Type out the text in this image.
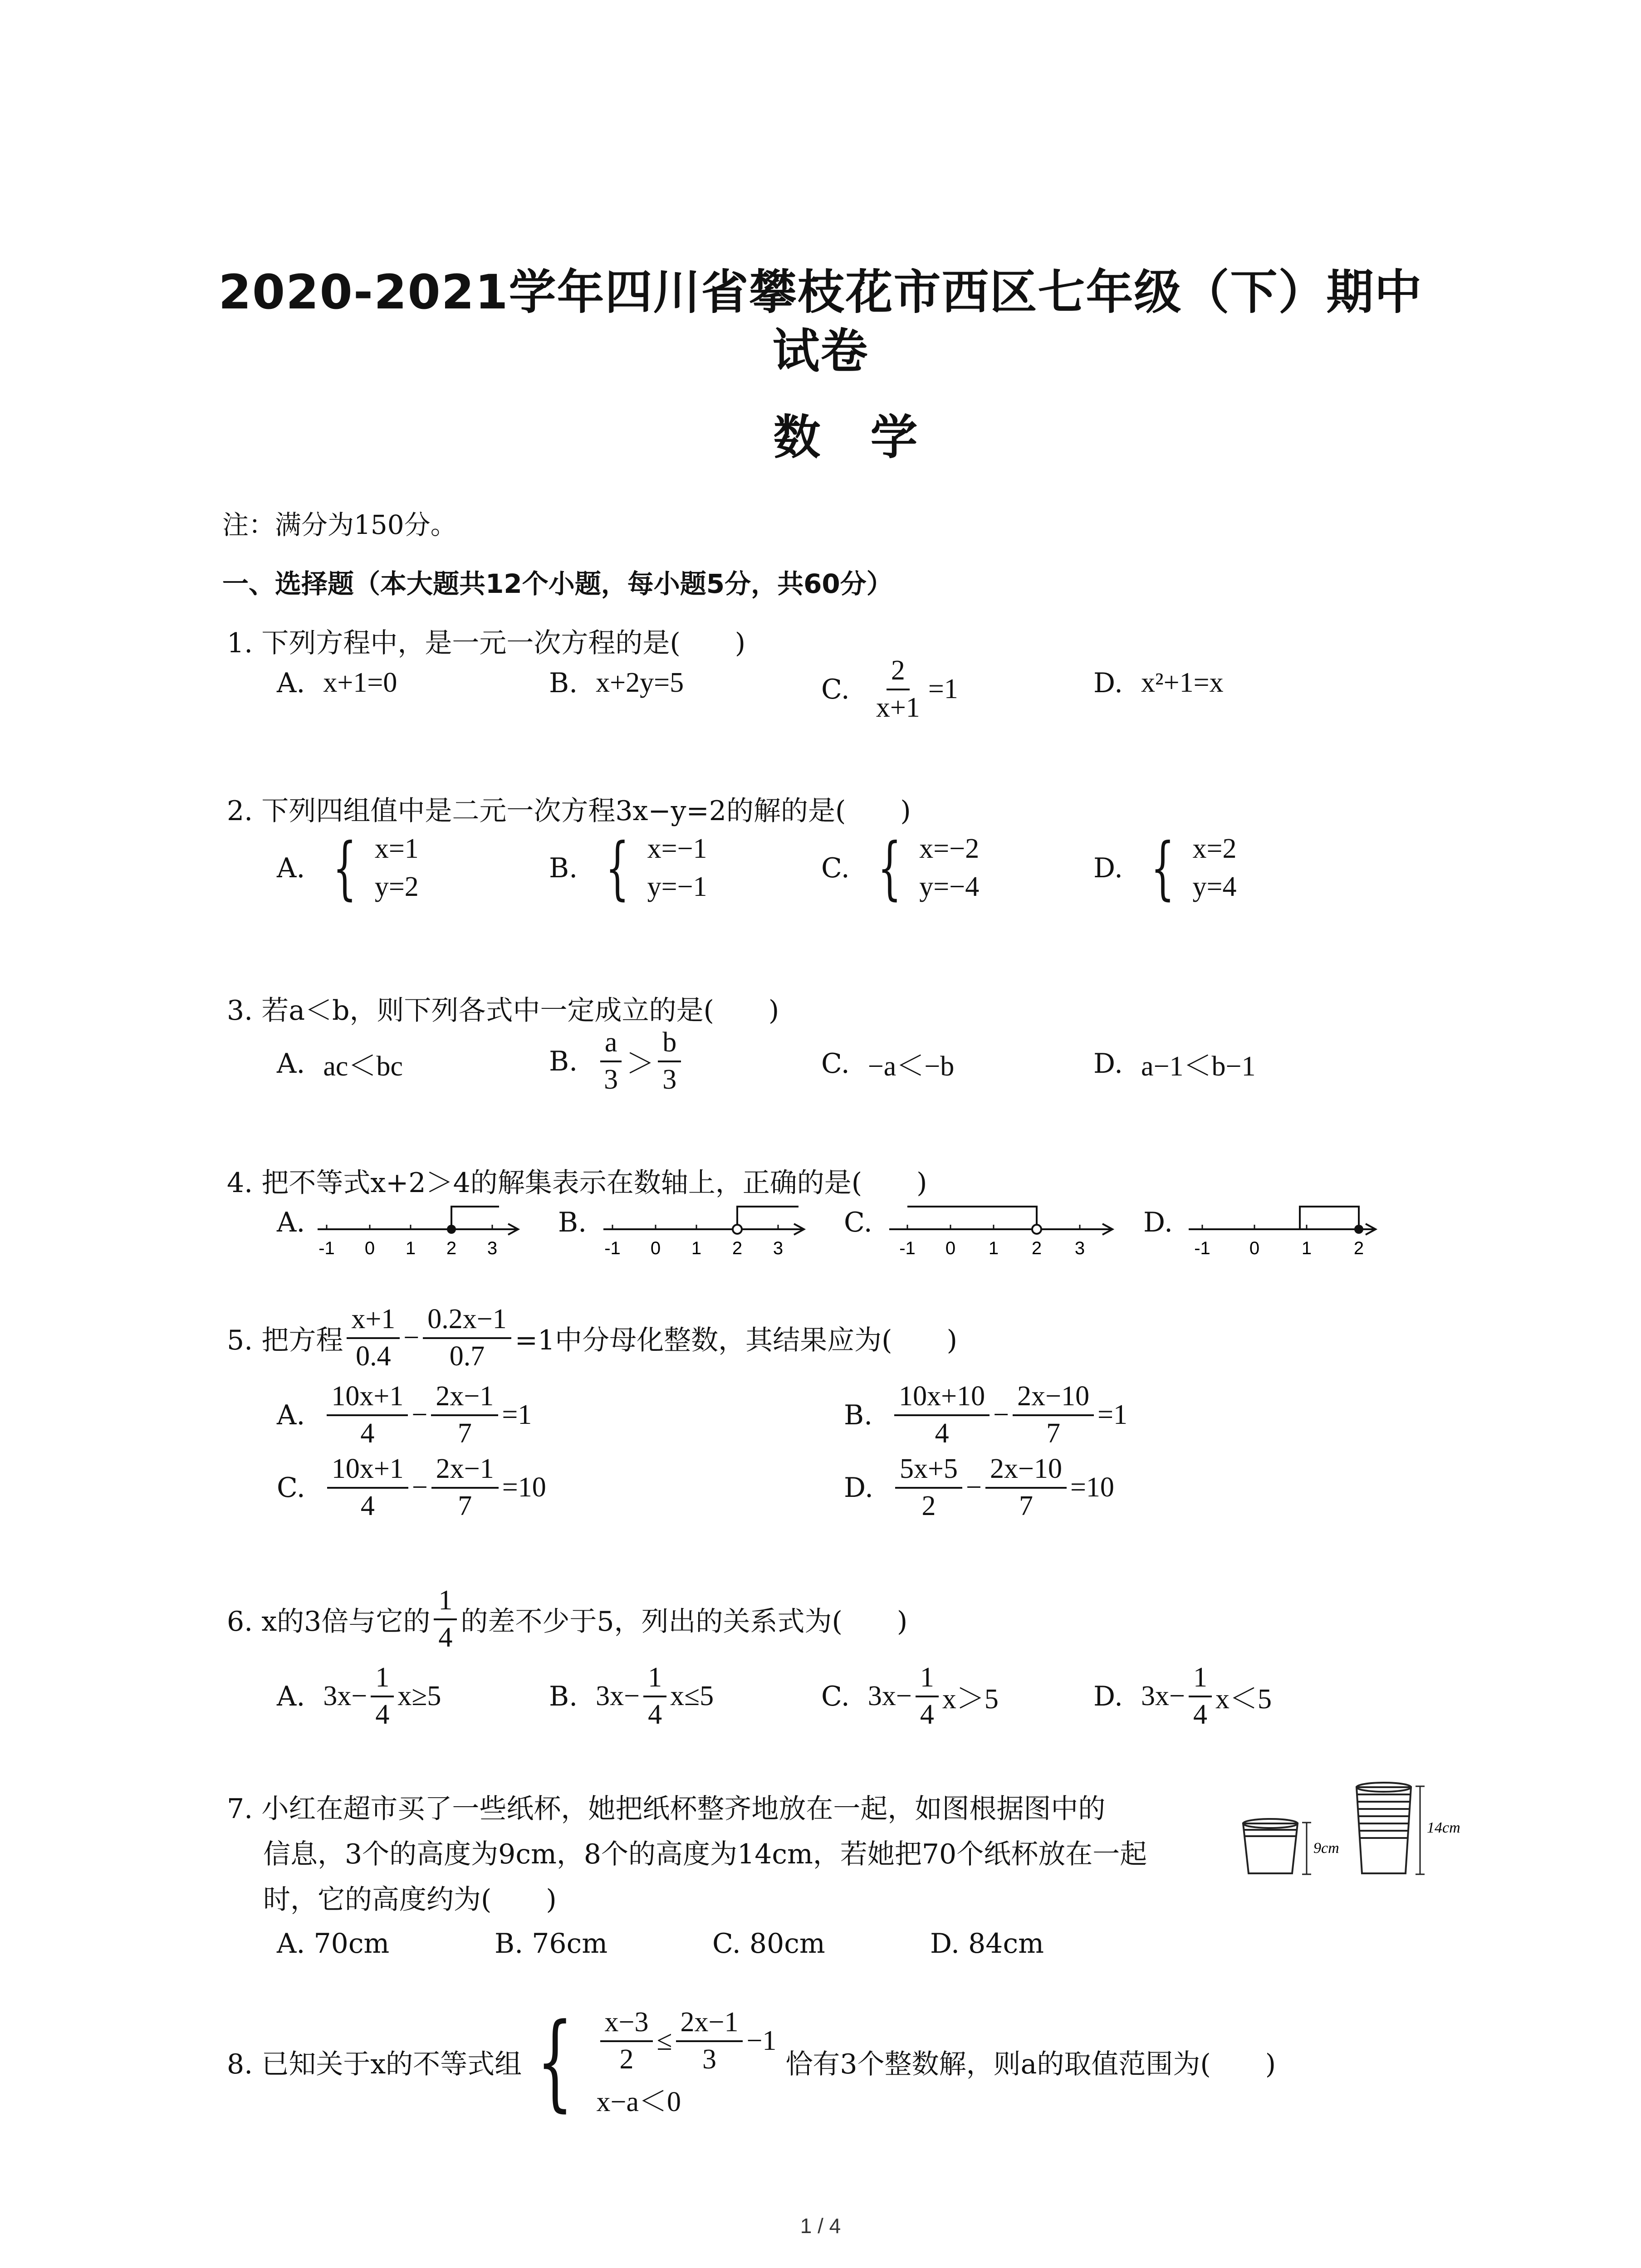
2020-2021学年四川省攀枝花市西区七年级（下）期中
试卷
数学
注：满分为150分。
一、选择题（本大题共12个小题，每小题5分，共60分）
1. 下列方程中，是一元一次方程的是(　　)
A. x+1=0	B. x+2y=5	C. $\frac{2}{x+1} =1$	D. x²+1=x
2. 下列四组值中是二元一次方程3x−y=2的解的是(　　)
A. { x=1
y=2
B. { x=−1
y=−1
C. { x=−2
y=−4
D. { x=2
y=4
3. 若a＜b，则下列各式中一定成立的是(　　)
A. ac＜bc	B. $\frac{a}{3} > \frac{b}{3}$	C. −a＜−b	D. a−1＜b−1
4. 把不等式x+2＞4的解集表示在数轴上，正确的是(　　)
A.
-1 0 1 2 3
B.
-1 0 1 2 3
C.
-1 0 1 2 3
D.
-1 0 1 2
5. 把方程 $\frac{x+1}{0.4} - \frac{0.2x-1}{0.7} =1$中分母化整数，其结果应为(　　)
A. $\frac{10x+1}{4} - \frac{2x-1}{7} =1$	B. $\frac{10x+10}{4} - \frac{2x-10}{7} =1$
C. $\frac{10x+1}{4} - \frac{2x-1}{7} =10$	D. $\frac{5x+5}{2} - \frac{2x-10}{7} =10$
6. x的3倍与它的 $\frac{1}{4}$ 的差不少于5，列出的关系式为(　　)
A. $3x- \frac{1}{4} x\ge 5$	B. $3x- \frac{1}{4} x\le 5$	C. $3x- \frac{1}{4} x>5$	D. $3x- \frac{1}{4} x<5$
7. 小红在超市买了一些纸杯，她把纸杯整齐地放在一起，如图根据图中的
信息，3个的高度为9cm，8个的高度为14cm，若她把70个纸杯放在一起
时，它的高度约为(　　)
9cm
14cm
A. 70cm	B. 76cm	C. 80cm	D. 84cm
8. 已知关于x的不等式组 { $\frac{x-3}{2} \le \frac{2x-1}{3} -1$
x−a＜0
恰有3个整数解，则a的取值范围为(　　)
1 / 4
